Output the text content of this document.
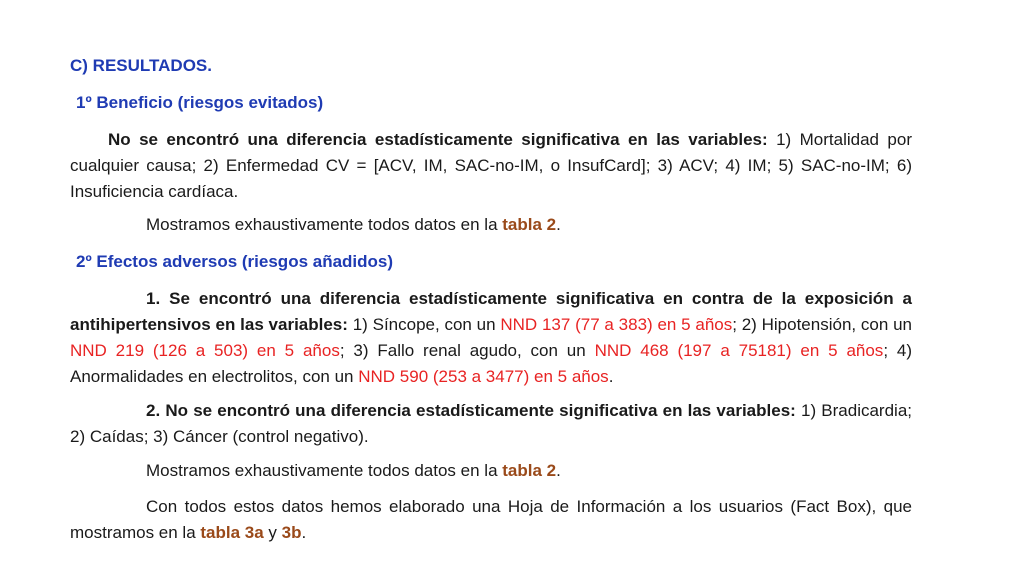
C) RESULTADOS.
1º Beneficio (riesgos evitados)
No se encontró una diferencia estadísticamente significativa en las variables: 1) Mortalidad por cualquier causa; 2) Enfermedad CV = [ACV, IM, SAC-no-IM, o InsufCard]; 3) ACV; 4) IM; 5) SAC-no-IM; 6) Insuficiencia cardíaca.
Mostramos exhaustivamente todos datos en la tabla 2.
2º Efectos adversos (riesgos añadidos)
1. Se encontró una diferencia estadísticamente significativa en contra de la exposición a antihipertensivos en las variables: 1) Síncope, con un NND 137 (77 a 383) en 5 años; 2) Hipotensión, con un NND 219 (126 a 503) en 5 años; 3) Fallo renal agudo, con un NND 468 (197 a 75181) en 5 años; 4) Anormalidades en electrolitos, con un NND 590 (253 a 3477) en 5 años.
2. No se encontró una diferencia estadísticamente significativa en las variables: 1) Bradicardia; 2) Caídas; 3) Cáncer (control negativo).
Mostramos exhaustivamente todos datos en la tabla 2.
Con todos estos datos hemos elaborado una Hoja de Información a los usuarios (Fact Box), que mostramos en la tabla 3a y 3b.
